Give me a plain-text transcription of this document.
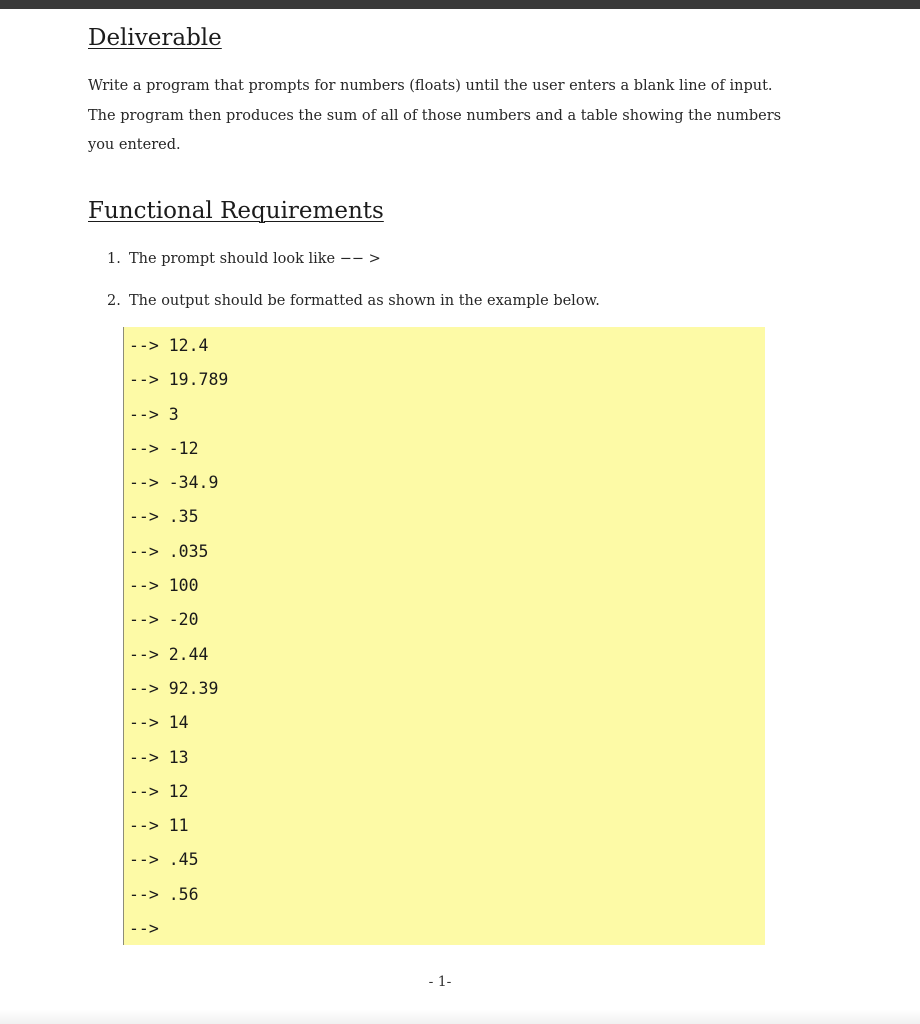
Deliverable

Write a program that prompts for numbers (floats) until the user enters a blank line of input. The program then produces the sum of all of those numbers and a table showing the numbers you entered.

Functional Requirements
1. The prompt should look like −− >
2. The output should be formatted as shown in the example below.
--> 12.4
--> 19.789
--> 3
--> -12
--> -34.9
--> .35
--> .035
--> 100
--> -20
--> 2.44
--> 92.39
--> 14
--> 13
--> 12
--> 11
--> .45
--> .56
-->
- 1-
